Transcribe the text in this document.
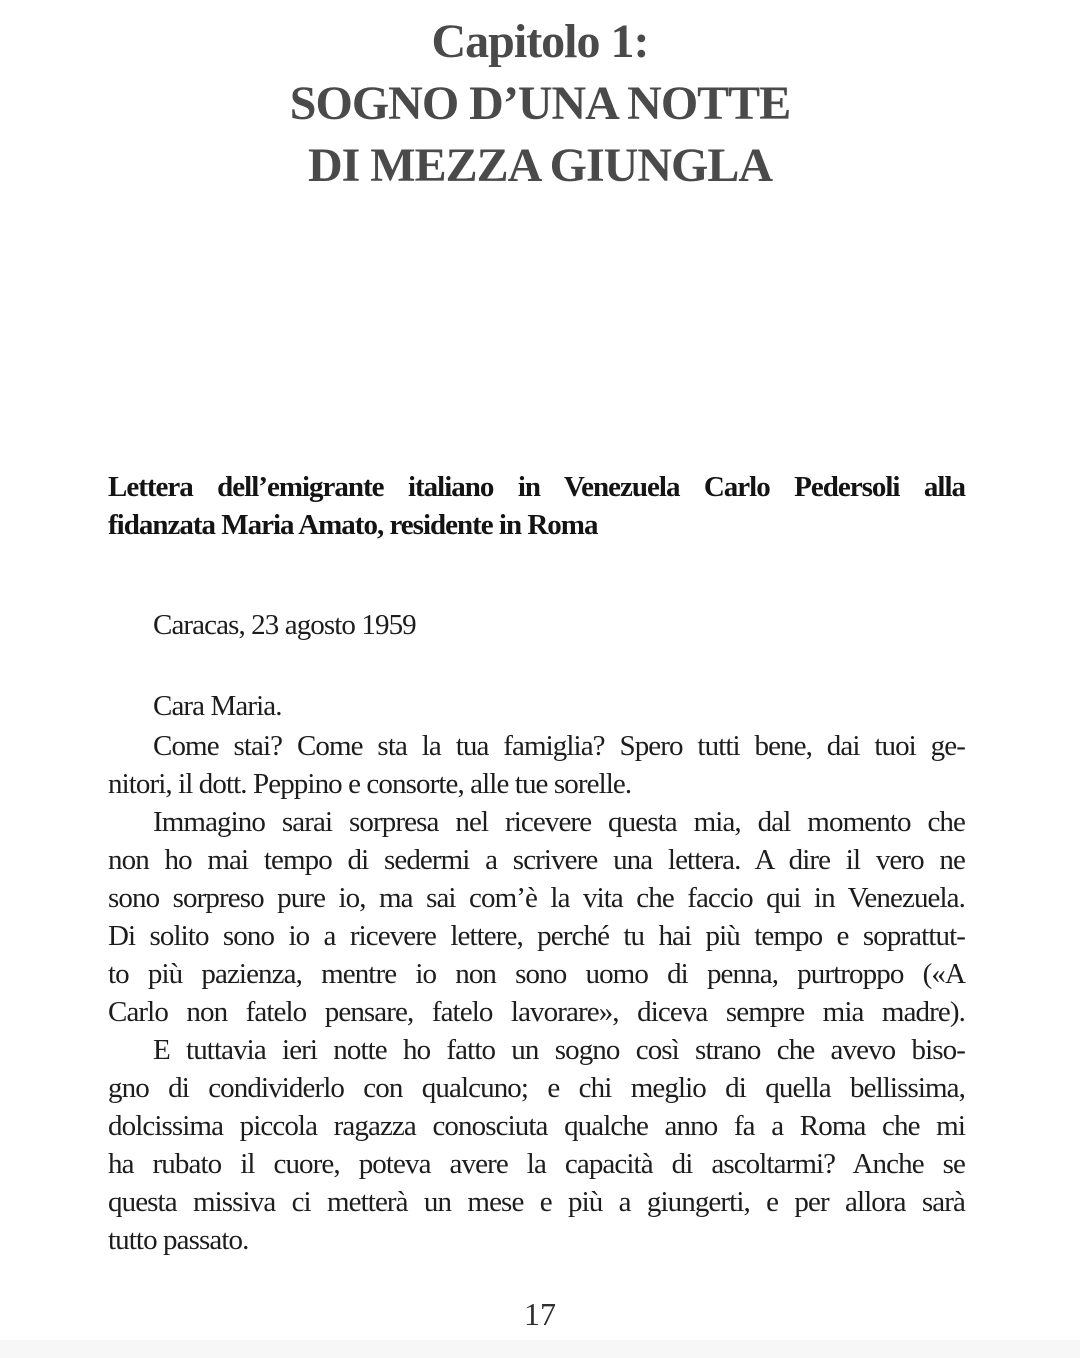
Capitolo 1:
SOGNO D’UNA NOTTE
DI MEZZA GIUNGLA
Lettera dell’emigrante italiano in Venezuela Carlo Pedersoli alla
fidanzata Maria Amato, residente in Roma
Caracas, 23 agosto 1959
Cara Maria.
Come stai? Come sta la tua famiglia? Spero tutti bene, dai tuoi ge-
nitori, il dott. Peppino e consorte, alle tue sorelle.
Immagino sarai sorpresa nel ricevere questa mia, dal momento che
non ho mai tempo di sedermi a scrivere una lettera. A dire il vero ne
sono sorpreso pure io, ma sai com’è la vita che faccio qui in Venezuela.
Di solito sono io a ricevere lettere, perché tu hai più tempo e soprattut-
to più pazienza, mentre io non sono uomo di penna, purtroppo («A
Carlo non fatelo pensare, fatelo lavorare», diceva sempre mia madre).
E tuttavia ieri notte ho fatto un sogno così strano che avevo biso-
gno di condividerlo con qualcuno; e chi meglio di quella bellissima,
dolcissima piccola ragazza conosciuta qualche anno fa a Roma che mi
ha rubato il cuore, poteva avere la capacità di ascoltarmi? Anche se
questa missiva ci metterà un mese e più a giungerti, e per allora sarà
tutto passato.
17
